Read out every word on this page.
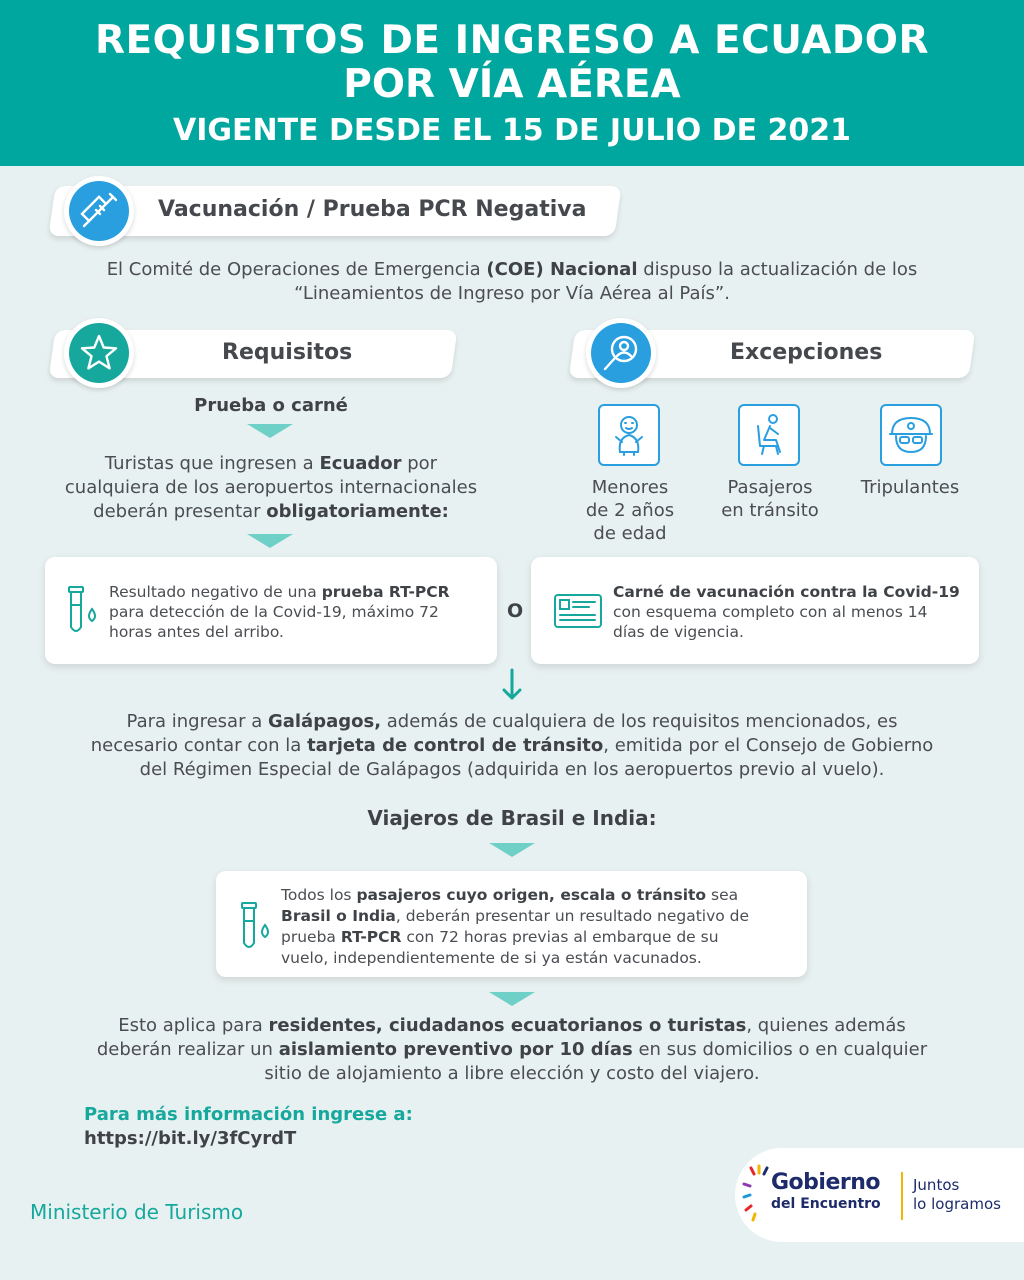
REQUISITOS DE INGRESO A ECUADOR
POR VÍA AÉREA
VIGENTE DESDE EL 15 DE JULIO DE 2021
Vacunación / Prueba PCR Negativa
El Comité de Operaciones de Emergencia (COE) Nacional dispuso la actualización de los
“Lineamientos de Ingreso por Vía Aérea al País”.
Requisitos	Excepciones
Prueba o carné
Turistas que ingresen a Ecuador por
cualquiera de los aeropuertos internacionales
deberán presentar obligatoriamente:
Menores
de 2 años
de edad
Pasajeros
en tránsito
Tripulantes
Resultado negativo de una prueba RT-PCR
para detección de la Covid-19, máximo 72
horas antes del arribo.
O
Carné de vacunación contra la Covid-19
con esquema completo con al menos 14
días de vigencia.
Para ingresar a Galápagos, además de cualquiera de los requisitos mencionados, es
necesario contar con la tarjeta de control de tránsito, emitida por el Consejo de Gobierno
del Régimen Especial de Galápagos (adquirida en los aeropuertos previo al vuelo).
Viajeros de Brasil e India:
Todos los pasajeros cuyo origen, escala o tránsito sea
Brasil o India, deberán presentar un resultado negativo de
prueba RT-PCR con 72 horas previas al embarque de su
vuelo, independientemente de si ya están vacunados.
Esto aplica para residentes, ciudadanos ecuatorianos o turistas, quienes además
deberán realizar un aislamiento preventivo por 10 días en sus domicilios o en cualquier
sitio de alojamiento a libre elección y costo del viajero.
Para más información ingrese a:
https://bit.ly/3fCyrdT
Ministerio de Turismo
Gobierno
del Encuentro
Juntos
lo logramos
